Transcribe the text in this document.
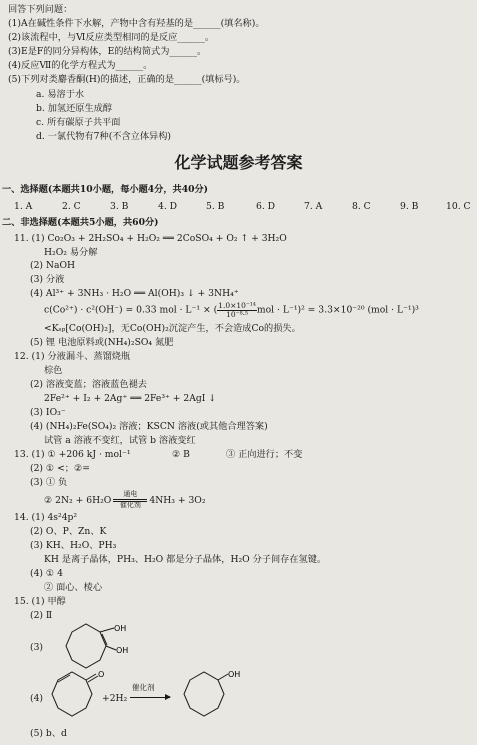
回答下列问题：
(1)A在碱性条件下水解，产物中含有羟基的是______(填名称)。
(2)该流程中，与Ⅵ反应类型相同的是反应______。
(3)E是F的同分异构体，E的结构简式为______。
(4)反应Ⅶ的化学方程式为______。
(5)下列对类麝香酮(H)的描述，正确的是______(填标号)。
a. 易溶于水
b. 加氢还原生成醇
c. 所有碳原子共平面
d. 一氯代物有7种(不含立体异构)
化学试题参考答案
一、选择题(本题共10小题，每小题4分，共40分)
1. A	2. C	3. B	4. D	5. B	6. D	7. A	8. C	9. B	10. C
二、非选择题(本题共5小题，共60分)
11. (1) Co₂O₃ + 2H₂SO₄ + H₂O₂ ══ 2CoSO₄ + O₂ ↑ + 3H₂O
H₂O₂ 易分解
(2) NaOH
(3) 分液
(4) Al³⁺ + 3NH₃ · H₂O ══ Al(OH)₃ ↓ + 3NH₄⁺
c(Co²⁺) · c²(OH⁻) = 0.33 mol · L⁻¹ × ( $\frac{\text{1.0×10⁻¹⁴}}{\text{10⁻⁸·⁵}}$ mol · L⁻¹)² = 3.3×10⁻²⁰ (mol · L⁻¹)³
<Kₛₚ[Co(OH)₂]，无Co(OH)₂沉淀产生，不会造成Co的损失。
(5) 锂 电池原料或(NH₄)₂SO₄ 氮肥
12. (1) 分液漏斗、蒸馏烧瓶
棕色
(2) 溶液变蓝；溶液蓝色褪去
2Fe²⁺ + I₂ + 2Ag⁺ ══ 2Fe³⁺ + 2AgI ↓
(3) IO₃⁻
(4) (NH₄)₂Fe(SO₄)₂ 溶液；KSCN 溶液(或其他合理答案)
试管 a 溶液不变红，试管 b 溶液变红
13. (1) ① +206 kJ · mol⁻¹	② B	③ 正向进行；不变
(2) ① <；②=
(3) ① 负
② 2N₂ + 6H₂O
通电
催化剂 4NH₃ + 3O₂
14. (1) 4s²4p²
(2) O、P、Zn、K
(3) KH、H₂O、PH₃
KH 是离子晶体，PH₃、H₂O 都是分子晶体，H₂O 分子间存在氢键。
(4) ① 4
② 面心、棱心
15. (1) 甲醇
(2) Ⅱ
(3)
OH
OH
(4)
O
+2H₂
催化剂
OH
(5) b、d
